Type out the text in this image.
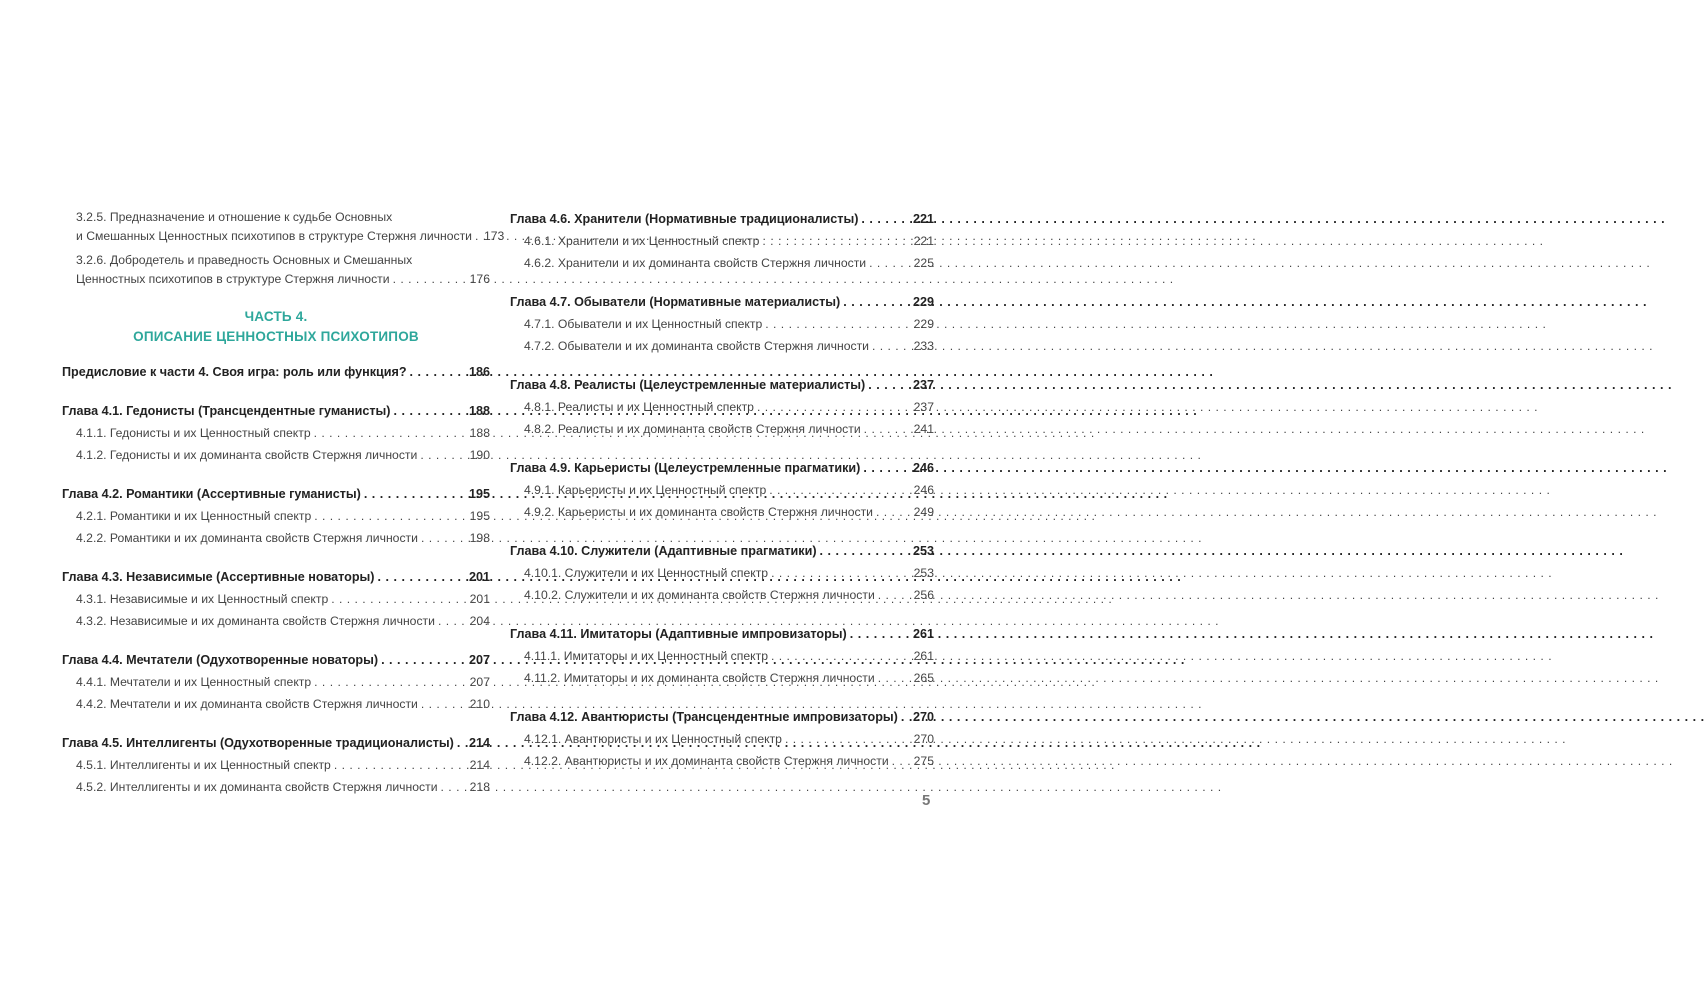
3.2.5. Предназначение и отношение к судьбе Основных
и Смешанных Ценностных психотипов в структуре Стержня личности . . . 173
3.2.6. Добродетель и праведность Основных и Смешанных
Ценностных психотипов в структуре Стержня личности . . .	176
ЧАСТЬ 4.
ОПИСАНИЕ ЦЕННОСТНЫХ ПСИХОТИПОВ
Предисловие к части 4. Своя игра: роль или функция? . . .	186
Глава 4.1. Гедонисты (Трансцендентные гуманисты) . . .	188
4.1.1. Гедонисты и их Ценностный спектр . . .	188
4.1.2. Гедонисты и их доминанта свойств Стержня личности . . .	190
Глава 4.2. Романтики (Ассертивные гуманисты) . . .	195
4.2.1. Романтики и их Ценностный спектр . . .	195
4.2.2. Романтики и их доминанта свойств Стержня личности . . .	198
Глава 4.3. Независимые (Ассертивные новаторы) . . .	201
4.3.1. Независимые и их Ценностный спектр . . .	201
4.3.2. Независимые и их доминанта свойств Стержня личности . . .	204
Глава 4.4. Мечтатели (Одухотворенные новаторы) . . .	207
4.4.1. Мечтатели и их Ценностный спектр . . .	207
4.4.2. Мечтатели и их доминанта свойств Стержня личности . . .	210
Глава 4.5. Интеллигенты (Одухотворенные традиционалисты) . . . 214
4.5.1. Интеллигенты и их Ценностный спектр . . .	214
4.5.2. Интеллигенты и их доминанта свойств Стержня личности . . .	218
Глава 4.6. Хранители (Нормативные традиционалисты) . . .	221
4.6.1. Хранители и их Ценностный спектр . . .	221
4.6.2. Хранители и их доминанта свойств Стержня личности . . .	225
Глава 4.7. Обыватели (Нормативные материалисты) . . .	229
4.7.1. Обыватели и их Ценностный спектр . . .	229
4.7.2. Обыватели и их доминанта свойств Стержня личности . . .	233
Глава 4.8. Реалисты (Целеустремленные материалисты) . . .	237
4.8.1. Реалисты и их Ценностный спектр . . .	237
4.8.2. Реалисты и их доминанта свойств Стержня личности . . .	241
Глава 4.9. Карьеристы (Целеустремленные прагматики) . . .	246
4.9.1. Карьеристы и их Ценностный спектр . . .	246
4.9.2. Карьеристы и их доминанта свойств Стержня личности . . .	249
Глава 4.10. Служители (Адаптивные прагматики) . . .	253
4.10.1. Служители и их Ценностный спектр . . .	253
4.10.2. Служители и их доминанта свойств Стержня личности . . .	256
Глава 4.11. Имитаторы (Адаптивные импровизаторы) . . .	261
4.11.1. Имитаторы и их Ценностный спектр . . .	261
4.11.2. Имитаторы и их доминанта свойств Стержня личности . . .	265
Глава 4.12. Авантюристы (Трансцендентные импровизаторы) . . . 270
4.12.1. Авантюристы и их Ценностный спектр . . .	270
4.12.2. Авантюристы и их доминанта свойств Стержня личности . . . 275
5
